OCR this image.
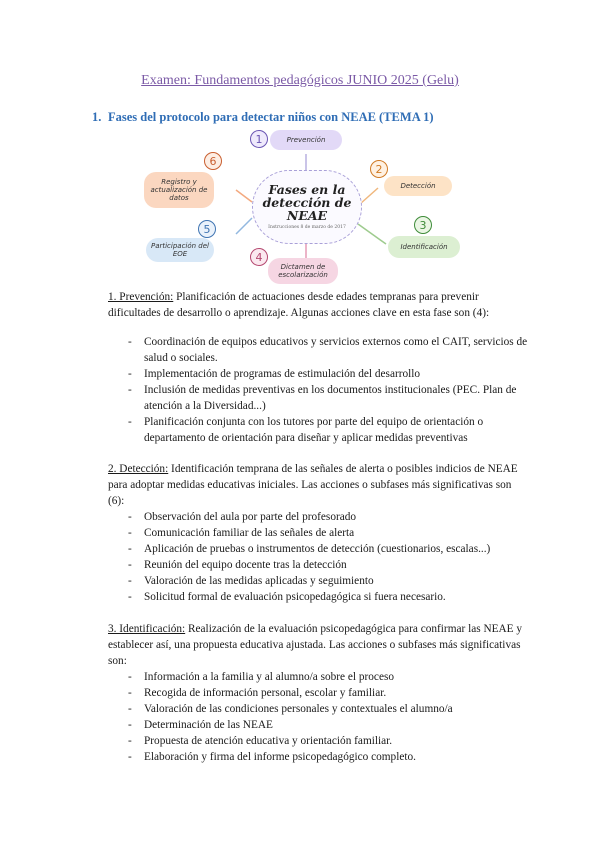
Examen: Fundamentos pedagógicos JUNIO 2025 (Gelu)
1. Fases del protocolo para detectar niños con NEAE (TEMA 1)
Fases en la detección de NEAE
Instrucciones 8 de marzo de 2017
1	Prevención
2
Detección
3
Identificación
4
Dictamen de escolarización
5
Participación del EOE
6
Registro y actualización de datos
1. Prevención: Planificación de actuaciones desde edades tempranas para prevenir dificultades de desarrollo o aprendizaje. Algunas acciones clave en esta fase son (4):
- Coordinación de equipos educativos y servicios externos como el CAIT, servicios de salud o sociales.
- Implementación de programas de estimulación del desarrollo
- Inclusión de medidas preventivas en los documentos institucionales (PEC. Plan de atención a la Diversidad...)
- Planificación conjunta con los tutores por parte del equipo de orientación o departamento de orientación para diseñar y aplicar medidas preventivas
2. Detección: Identificación temprana de las señales de alerta o posibles indicios de NEAE para adoptar medidas educativas iniciales. Las acciones o subfases más significativas son (6):
- Observación del aula por parte del profesorado
- Comunicación familiar de las señales de alerta
- Aplicación de pruebas o instrumentos de detección (cuestionarios, escalas...)
- Reunión del equipo docente tras la detección
- Valoración de las medidas aplicadas y seguimiento
- Solicitud formal de evaluación psicopedagógica si fuera necesario.
3. Identificación: Realización de la evaluación psicopedagógica para confirmar las NEAE y establecer así, una propuesta educativa ajustada. Las acciones o subfases más significativas son:
- Información a la familia y al alumno/a sobre el proceso
- Recogida de información personal, escolar y familiar.
- Valoración de las condiciones personales y contextuales el alumno/a
- Determinación de las NEAE
- Propuesta de atención educativa y orientación familiar.
- Elaboración y firma del informe psicopedagógico completo.
